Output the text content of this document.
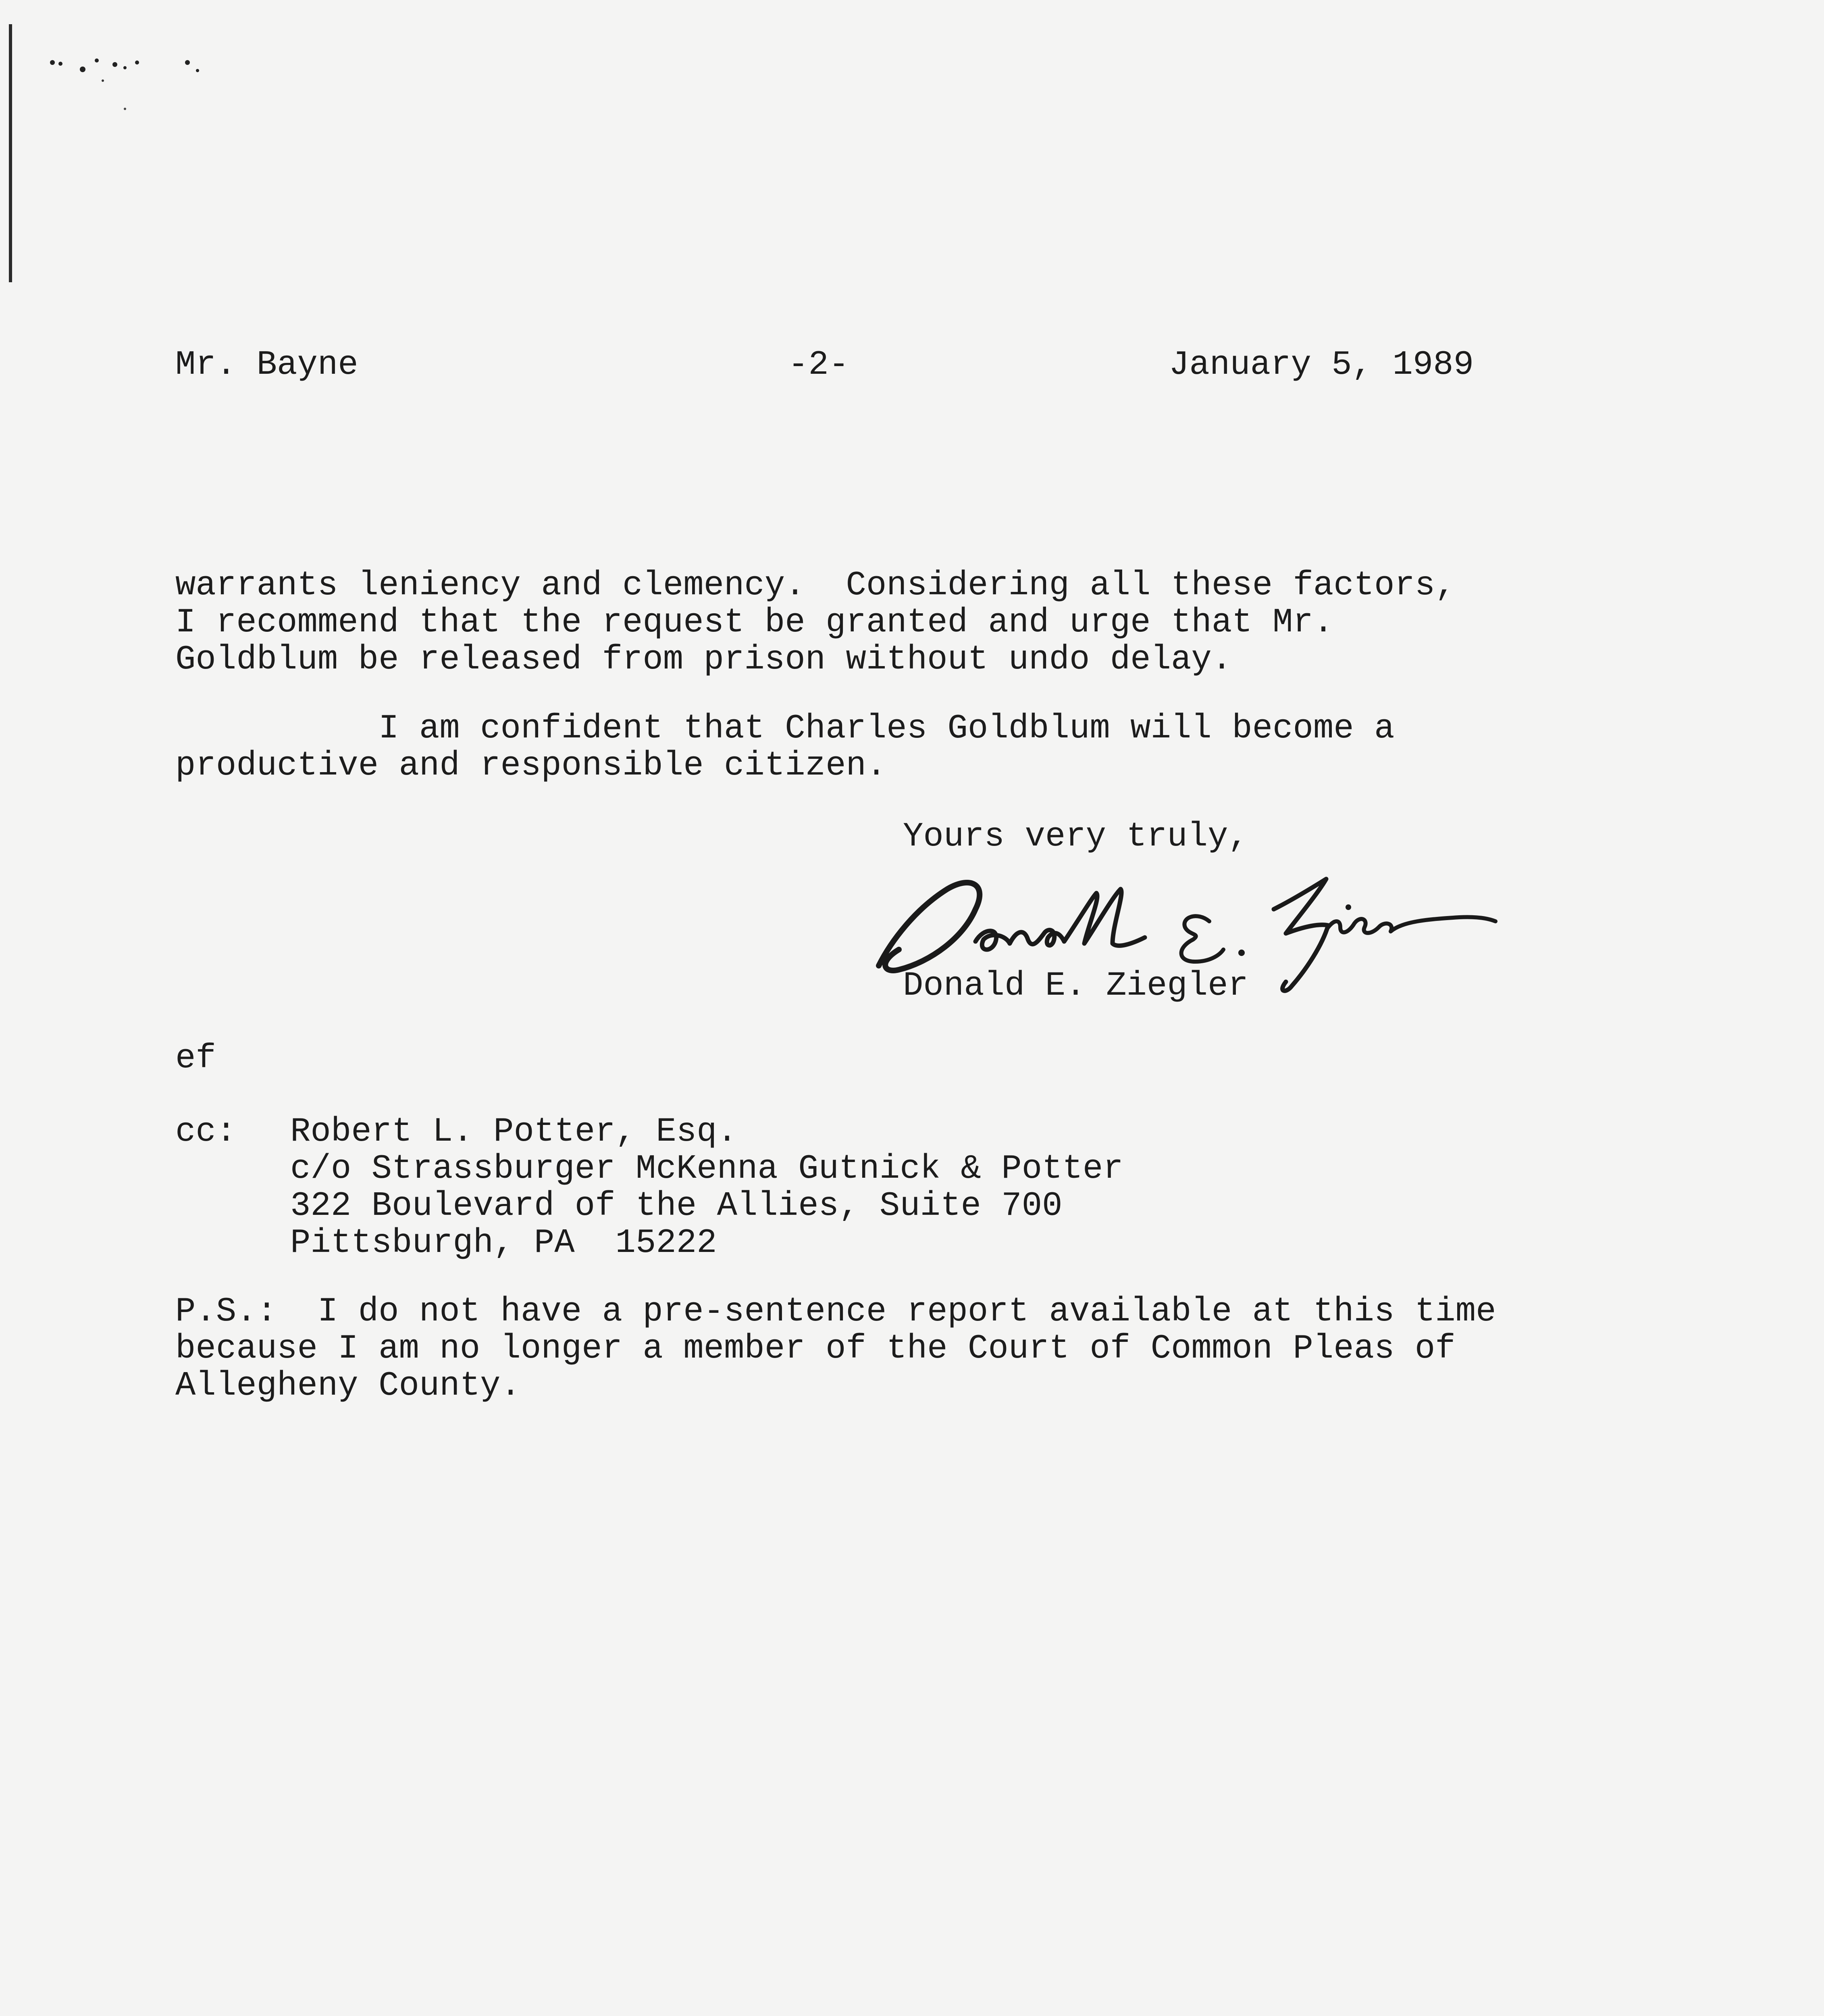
Mr. Bayne	-2-	January 5, 1989
warrants leniency and clemency.  Considering all these factors,
I recommend that the request be granted and urge that Mr.
Goldblum be released from prison without undo delay.
I am confident that Charles Goldblum will become a
productive and responsible citizen.
Yours very truly,
Donald E. Ziegler
ef
cc: Robert L. Potter, Esq.
c/o Strassburger McKenna Gutnick & Potter
322 Boulevard of the Allies, Suite 700
Pittsburgh, PA  15222
P.S.:  I do not have a pre-sentence report available at this time
because I am no longer a member of the Court of Common Pleas of
Allegheny County.
